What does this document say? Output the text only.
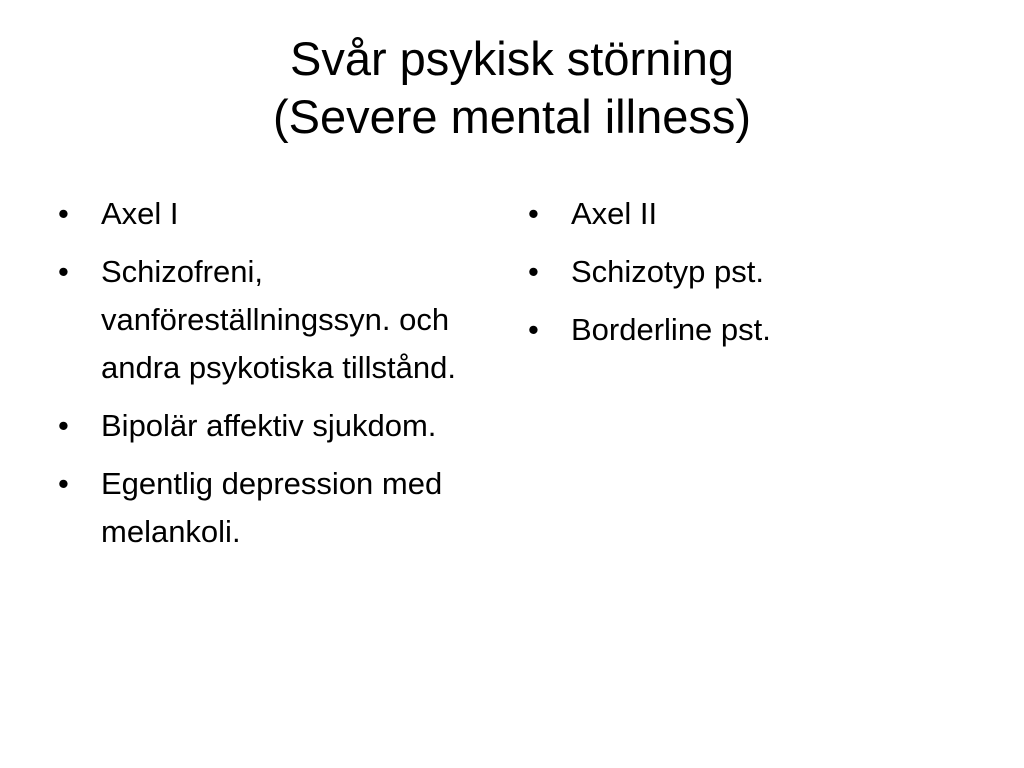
Svår psykisk störning
(Severe mental illness)
•	Axel I
•	Schizofreni, vanföreställningssyn. och andra psykotiska tillstånd.
•	Bipolär affektiv sjukdom.
•	Egentlig depression med melankoli.
•	Axel II
•	Schizotyp pst.
•	Borderline pst.
